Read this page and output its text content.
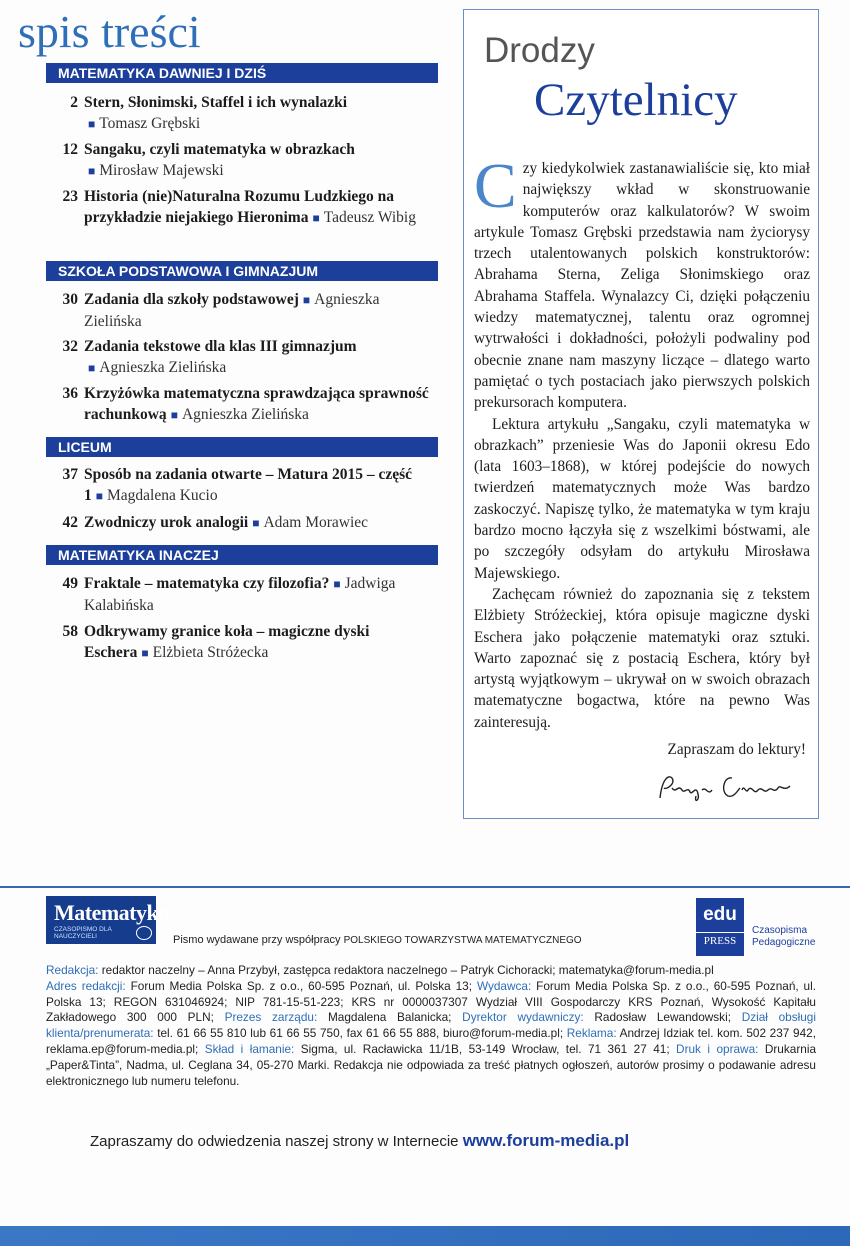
spis treści
MATEMATYKA DAWNIEJ I DZIŚ
2 Stern, Słonimski, Staffel i ich wynalazki
■ Tomasz Grębski
12 Sangaku, czyli matematyka w obrazkach
■ Mirosław Majewski
23 Historia (nie)Naturalna Rozumu Ludzkiego na przykładzie niejakiego Hieronima ■ Tadeusz Wibig
SZKOŁA PODSTAWOWA I GIMNAZJUM
30 Zadania dla szkoły podstawowej ■ Agnieszka Zielińska
32 Zadania tekstowe dla klas III gimnazjum
■ Agnieszka Zielińska
36 Krzyżówka matematyczna sprawdzająca sprawność rachunkową ■ Agnieszka Zielińska
LICEUM
37 Sposób na zadania otwarte – Matura 2015 – część 1 ■ Magdalena Kucio
42 Zwodniczy urok analogii ■ Adam Morawiec
MATEMATYKA INACZEJ
49 Fraktale – matematyka czy filozofia? ■ Jadwiga Kalabińska
58 Odkrywamy granice koła – magiczne dyski Eschera ■ Elżbieta Stróżecka
Drodzy
Czytelnicy

Czy kiedykolwiek zastanawialiście się, kto miał największy wkład w skonstruowanie komputerów oraz kalkulatorów? W swoim artykule Tomasz Grębski przedstawia nam życiorysy trzech utalentowanych polskich konstruktorów: Abrahama Sterna, Zeliga Słonimskiego oraz Abrahama Staffela. Wynalazcy Ci, dzięki połączeniu wiedzy matematycznej, talentu oraz ogromnej wytrwałości i dokładności, położyli podwaliny pod obecnie znane nam maszyny liczące – dlatego warto pamiętać o tych postaciach jako pierwszych polskich prekursorach komputera.

Lektura artykułu „Sangaku, czyli matematyka w obrazkach” przeniesie Was do Japonii okresu Edo (lata 1603–1868), w której podejście do nowych twierdzeń matematycznych może Was bardzo zaskoczyć. Napiszę tylko, że matematyka w tym kraju bardzo mocno łączyła się z wszelkimi bóstwami, ale po szczegóły odsyłam do artykułu Mirosława Majewskiego.

Zachęcam również do zapoznania się z tekstem Elżbiety Stróżeckiej, która opisuje magiczne dyski Eschera jako połączenie matematyki oraz sztuki. Warto zapoznać się z postacią Eschera, który był artystą wyjątkowym – ukrywał on w swoich obrazach matematyczne bogactwa, które na pewno Was zainteresują.

Zapraszam do lektury!
Matematyka
CZASOPISMO DLA NAUCZYCIELI	Pismo wydawane przy współpracy POLSKIEGO TOWARZYSTWA MATEMATYCZNEGO
edu
PRESS
Czasopisma
Pedagogiczne
Redakcja: redaktor naczelny – Anna Przybył, zastępca redaktora naczelnego – Patryk Cichoracki; matematyka@forum-media.pl
Adres redakcji: Forum Media Polska Sp. z o.o., 60-595 Poznań, ul. Polska 13; Wydawca: Forum Media Polska Sp. z o.o., 60-595 Poznań, ul. Polska 13; REGON 631046924; NIP 781-15-51-223; KRS nr 0000037307 Wydział VIII Gospodarczy KRS Poznań, Wysokość Kapitału Zakładowego 300 000 PLN; Prezes zarządu: Magdalena Balanicka; Dyrektor wydawniczy: Radosław Lewandowski; Dział obsługi klienta/prenumerata: tel. 61 66 55 810 lub 61 66 55 750, fax 61 66 55 888, biuro@forum-media.pl; Reklama: Andrzej Idziak tel. kom. 502 237 942, reklama.ep@forum-media.pl; Skład i łamanie: Sigma, ul. Racławicka 11/1B, 53-149 Wrocław, tel. 71 361 27 41; Druk i oprawa: Drukarnia „Paper&Tinta”, Nadma, ul. Ceglana 34, 05-270 Marki. Redakcja nie odpowiada za treść płatnych ogłoszeń, autorów prosimy o podawanie adresu elektronicznego lub numeru telefonu.
Zapraszamy do odwiedzenia naszej strony w Internecie www.forum-media.pl
